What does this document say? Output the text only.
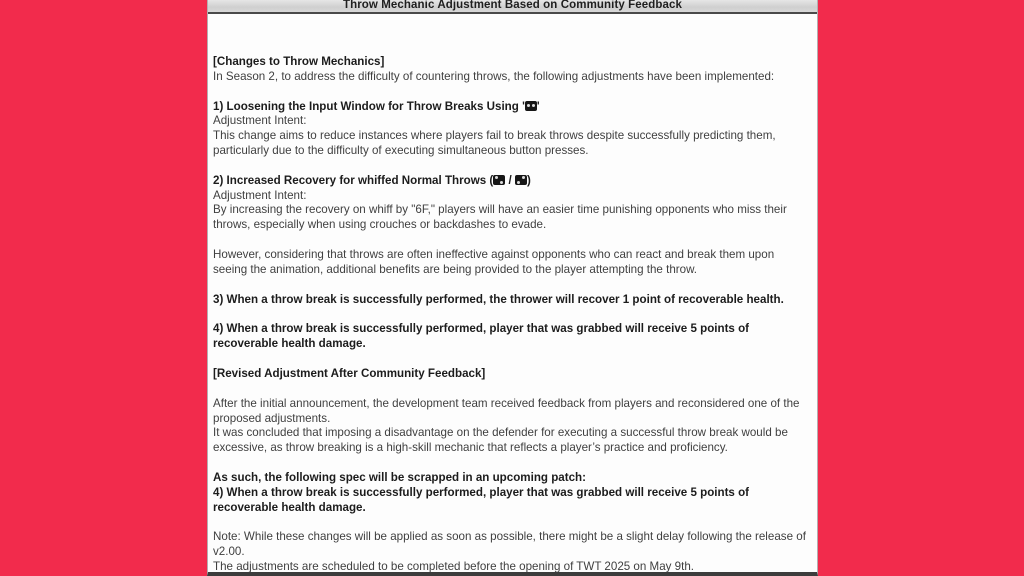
Throw Mechanic Adjustment Based on Community Feedback
[Changes to Throw Mechanics]
In Season 2, to address the difficulty of countering throws, the following adjustments have been implemented:
1) Loosening the Input Window for Throw Breaks Using ' '
Adjustment Intent:
This change aims to reduce instances where players fail to break throws despite successfully predicting them, particularly due to the difficulty of executing simultaneous button presses.
2) Increased Recovery for whiffed Normal Throws ( / )
Adjustment Intent:
By increasing the recovery on whiff by "6F," players will have an easier time punishing opponents who miss their throws, especially when using crouches or backdashes to evade.
However, considering that throws are often ineffective against opponents who can react and break them upon seeing the animation, additional benefits are being provided to the player attempting the throw.
3) When a throw break is successfully performed, the thrower will recover 1 point of recoverable health.
4) When a throw break is successfully performed, player that was grabbed will receive 5 points of recoverable health damage.
[Revised Adjustment After Community Feedback]
After the initial announcement, the development team received feedback from players and reconsidered one of the proposed adjustments.
It was concluded that imposing a disadvantage on the defender for executing a successful throw break would be excessive, as throw breaking is a high-skill mechanic that reflects a player’s practice and proficiency.
As such, the following spec will be scrapped in an upcoming patch:
4) When a throw break is successfully performed, player that was grabbed will receive 5 points of recoverable health damage.
Note: While these changes will be applied as soon as possible, there might be a slight delay following the release of v2.00.
The adjustments are scheduled to be completed before the opening of TWT 2025 on May 9th.
